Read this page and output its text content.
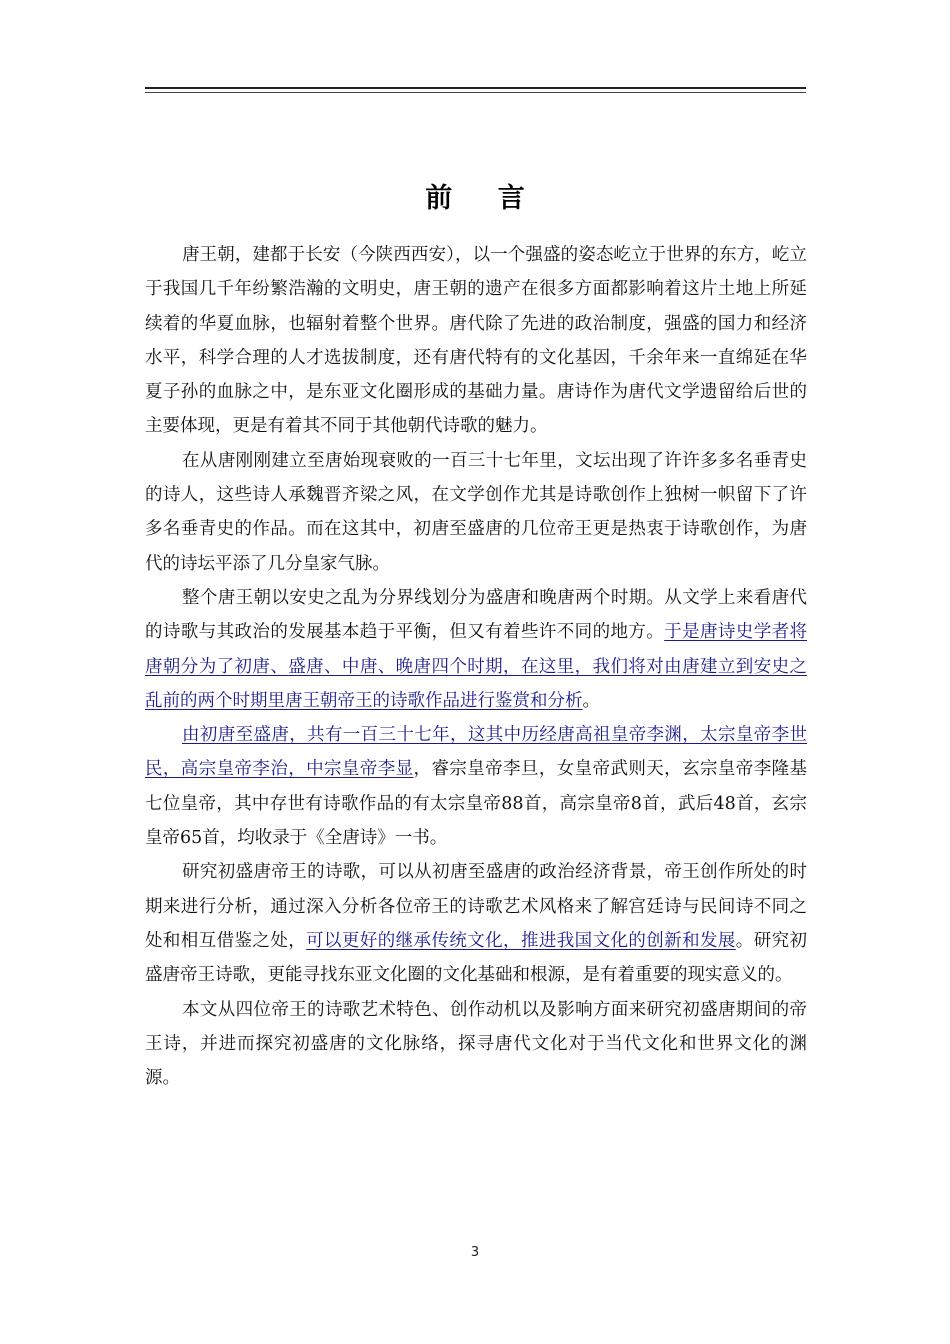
前 言

唐王朝，建都于长安（今陕西西安），以一个强盛的姿态屹立于世界的东方，屹立于我国几千年纷繁浩瀚的文明史，唐王朝的遗产在很多方面都影响着这片土地上所延续着的华夏血脉，也辐射着整个世界。唐代除了先进的政治制度，强盛的国力和经济水平，科学合理的人才选拔制度，还有唐代特有的文化基因，千余年来一直绵延在华夏子孙的血脉之中，是东亚文化圈形成的基础力量。唐诗作为唐代文学遗留给后世的主要体现，更是有着其不同于其他朝代诗歌的魅力。

在从唐刚刚建立至唐始现衰败的一百三十七年里，文坛出现了许许多多名垂青史的诗人，这些诗人承魏晋齐梁之风，在文学创作尤其是诗歌创作上独树一帜留下了许多名垂青史的作品。而在这其中，初唐至盛唐的几位帝王更是热衷于诗歌创作，为唐代的诗坛平添了几分皇家气脉。

整个唐王朝以安史之乱为分界线划分为盛唐和晚唐两个时期。从文学上来看唐代的诗歌与其政治的发展基本趋于平衡，但又有着些许不同的地方。于是唐诗史学者将唐朝分为了初唐、盛唐、中唐、晚唐四个时期，在这里，我们将对由唐建立到安史之乱前的两个时期里唐王朝帝王的诗歌作品进行鉴赏和分析。

由初唐至盛唐，共有一百三十七年，这其中历经唐高祖皇帝李渊，太宗皇帝李世民，高宗皇帝李治，中宗皇帝李显，睿宗皇帝李旦，女皇帝武则天，玄宗皇帝李隆基七位皇帝，其中存世有诗歌作品的有太宗皇帝88首，高宗皇帝8首，武后48首，玄宗皇帝65首，均收录于《全唐诗》一书。

研究初盛唐帝王的诗歌，可以从初唐至盛唐的政治经济背景，帝王创作所处的时期来进行分析，通过深入分析各位帝王的诗歌艺术风格来了解宫廷诗与民间诗不同之处和相互借鉴之处，可以更好的继承传统文化，推进我国文化的创新和发展。研究初盛唐帝王诗歌，更能寻找东亚文化圈的文化基础和根源，是有着重要的现实意义的。

本文从四位帝王的诗歌艺术特色、创作动机以及影响方面来研究初盛唐期间的帝王诗，并进而探究初盛唐的文化脉络，探寻唐代文化对于当代文化和世界文化的渊源。

3
